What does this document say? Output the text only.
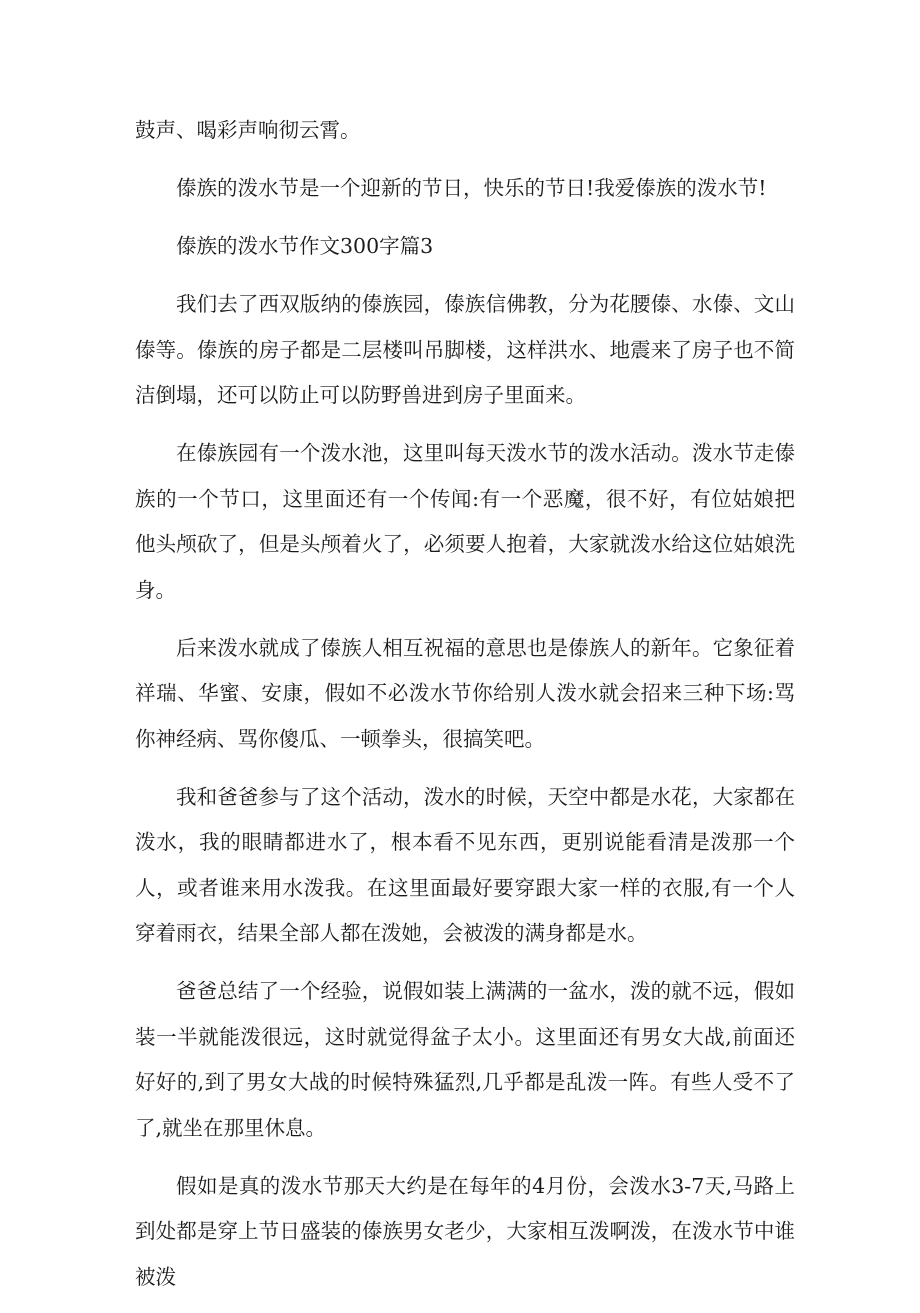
鼓声、喝彩声响彻云霄。

傣族的泼水节是一个迎新的节日，快乐的节日!我爱傣族的泼水节!

傣族的泼水节作文300字篇3

我们去了西双版纳的傣族园，傣族信佛教，分为花腰傣、水傣、文山傣等。傣族的房子都是二层楼叫吊脚楼，这样洪水、地震来了房子也不简洁倒塌，还可以防止可以防野兽进到房子里面来。

在傣族园有一个泼水池，这里叫每天泼水节的泼水活动。泼水节走傣族的一个节口，这里面还有一个传闻:有一个恶魔，很不好，有位姑娘把他头颅砍了，但是头颅着火了，必须要人抱着，大家就泼水给这位姑娘洗身。

后来泼水就成了傣族人相互祝福的意思也是傣族人的新年。它象征着祥瑞、华蜜、安康，假如不必泼水节你给别人泼水就会招来三种下场:骂你神经病、骂你傻瓜、一顿拳头，很搞笑吧。

我和爸爸参与了这个活动，泼水的时候，天空中都是水花，大家都在泼水，我的眼睛都进水了，根本看不见东西，更别说能看清是泼那一个人，或者谁来用水泼我。在这里面最好要穿跟大家一样的衣服,有一个人穿着雨衣，结果全部人都在泼她，会被泼的满身都是水。

爸爸总结了一个经验，说假如装上满满的一盆水，泼的就不远，假如装一半就能泼很远，这时就觉得盆子太小。这里面还有男女大战,前面还好好的,到了男女大战的时候特殊猛烈,几乎都是乱泼一阵。有些人受不了了,就坐在那里休息。

假如是真的泼水节那天大约是在每年的4月份，会泼水3-7天,马路上到处都是穿上节日盛装的傣族男女老少，大家相互泼啊泼，在泼水节中谁被泼
